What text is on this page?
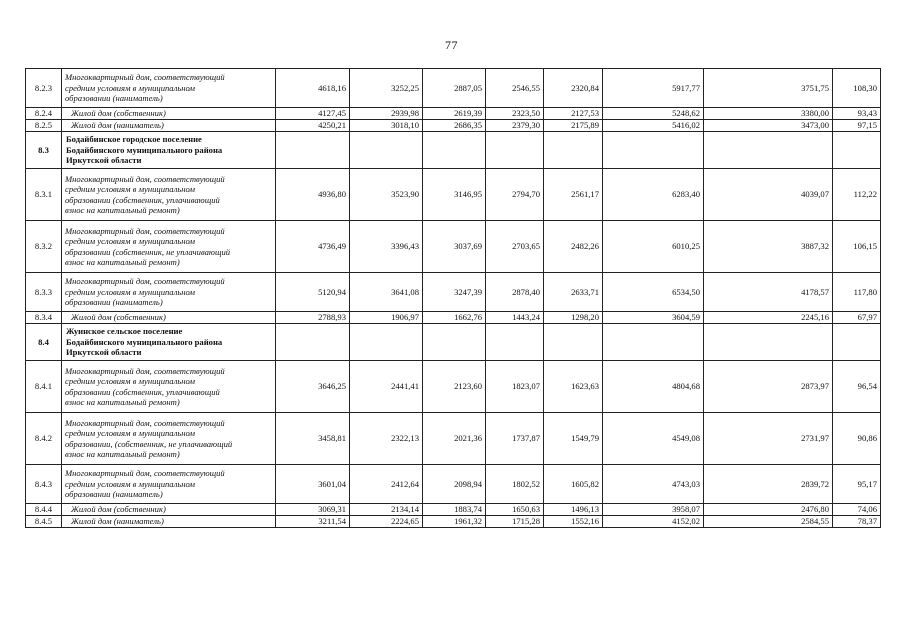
77
8.2.3	Многоквартирный дом, соответствующий
средним условиям в муниципальном
образовании (наниматель)	4618,16	3252,25	2887,05	2546,55	2320,84	5917,77	3751,75	108,30
8.2.4	Жилой дом (собственник)	4127,45	2939,98	2619,39	2323,50	2127,53	5248,62	3380,00	93,43
8.2.5	Жилой дом (наниматель)	4250,21	3018,10	2686,35	2379,30	2175,89	5416,02	3473,00	97,15
8.3	Бодайбинское городское поселение
Бодайбинского муниципального района
Иркутской области								

8.3.1	Многоквартирный дом, соответствующий
средним условиям в муниципальном
образовании (собственник, уплачивающий
взнос на капитальный ремонт)	4936,80	3523,90	3146,95	2794,70	2561,17	6283,40	4039,07	112,22
8.3.2	Многоквартирный дом, соответствующий
средним условиям в муниципальном
образовании (собственник, не уплачивающий
взнос на капитальный ремонт)	4736,49	3396,43	3037,69	2703,65	2482,26	6010,25	3887,32	106,15
8.3.3	Многоквартирный дом, соответствующий
средним условиям в муниципальном
образовании (наниматель)	5120,94	3641,08	3247,39	2878,40	2633,71	6534,50	4178,57	117,80
8.3.4	Жилой дом (собственник)	2788,93	1906,97	1662,76	1443,24	1298,20	3604,59	2245,16	67,97
8.4	Жуинское сельское поселение
Бодайбинского муниципального района
Иркутской области								

8.4.1	Многоквартирный дом, соответствующий
средним условиям в муниципальном
образовании (собственник, уплачивающий
взнос на капитальный ремонт)	3646,25	2441,41	2123,60	1823,07	1623,63	4804,68	2873,97	96,54
8.4.2	Многоквартирный дом, соответствующий
средним условиям в муниципальном
образовании, (собственник, не уплачивающий
взнос на капитальный ремонт)	3458,81	2322,13	2021,36	1737,87	1549,79	4549,08	2731,97	90,86
8.4.3	Многоквартирный дом, соответствующий
средним условиям в муниципальном
образовании (наниматель)	3601,04	2412,64	2098,94	1802,52	1605,82	4743,03	2839,72	95,17
8.4.4	Жилой дом (собственник)	3069,31	2134,14	1883,74	1650,63	1496,13	3958,07	2476,80	74,06
8.4.5	Жилой дом (наниматель)	3211,54	2224,65	1961,32	1715,28	1552,16	4152,02	2584,55	78,37
